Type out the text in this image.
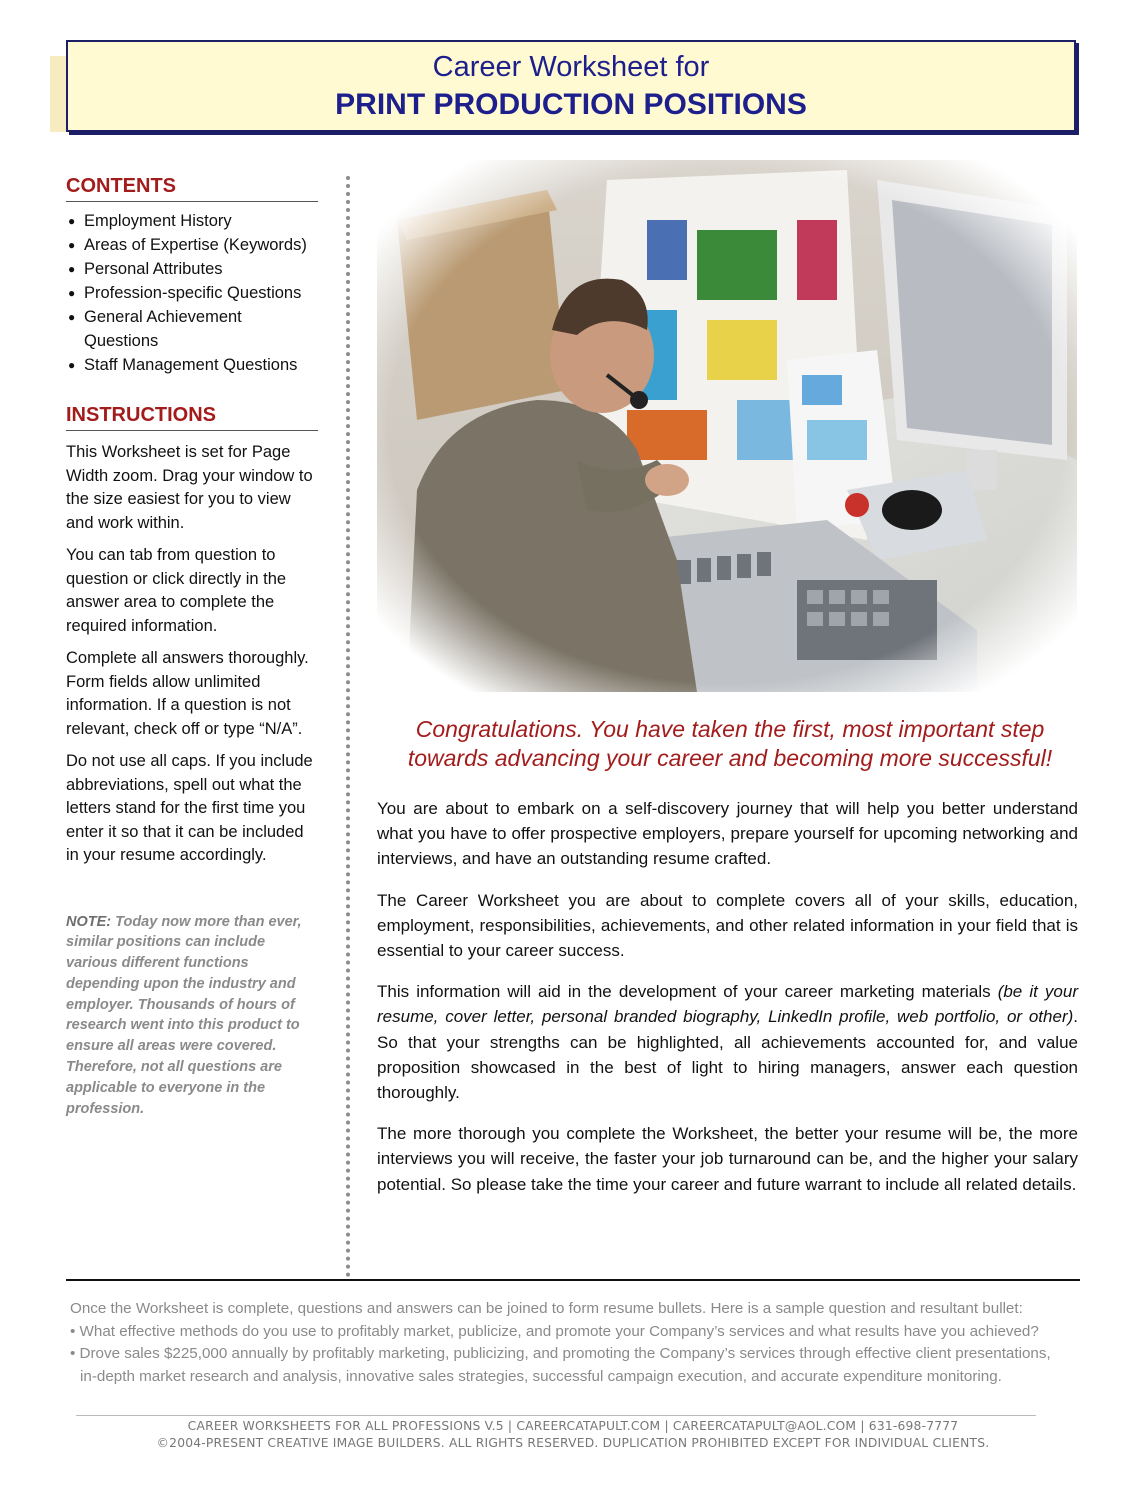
Career Worksheet for
PRINT PRODUCTION POSITIONS
CONTENTS
● Employment History
● Areas of Expertise (Keywords)
● Personal Attributes
● Profession-specific Questions
● General Achievement Questions
● Staff Management Questions
INSTRUCTIONS

This Worksheet is set for Page Width zoom. Drag your window to the size easiest for you to view and work within.

You can tab from question to question or click directly in the answer area to complete the required information.

Complete all answers thoroughly. Form fields allow unlimited information. If a question is not relevant, check off or type “N/A”.

Do not use all caps. If you include abbreviations, spell out what the letters stand for the first time you enter it so that it can be included in your resume accordingly.

NOTE: Today now more than ever, similar positions can include various different functions depending upon the industry and employer. Thousands of hours of research went into this product to ensure all areas were covered. Therefore, not all questions are applicable to everyone in the profession.
Congratulations. You have taken the first, most important step
towards advancing your career and becoming more successful!

You are about to embark on a self-discovery journey that will help you better understand what you have to offer prospective employers, prepare yourself for upcoming networking and interviews, and have an outstanding resume crafted.

The Career Worksheet you are about to complete covers all of your skills, education, employment, responsibilities, achievements, and other related information in your field that is essential to your career success.

This information will aid in the development of your career marketing materials (be it your resume, cover letter, personal branded biography, LinkedIn profile, web portfolio, or other). So that your strengths can be highlighted, all achievements accounted for, and value proposition showcased in the best of light to hiring managers, answer each question thoroughly.

The more thorough you complete the Worksheet, the better your resume will be, the more interviews you will receive, the faster your job turnaround can be, and the higher your salary potential. So please take the time your career and future warrant to include all related details.

Once the Worksheet is complete, questions and answers can be joined to form resume bullets. Here is a sample question and resultant bullet:

• What effective methods do you use to profitably market, publicize, and promote your Company’s services and what results have you achieved?

• Drove sales $225,000 annually by profitably marketing, publicizing, and promoting the Company’s services through effective client presentations,

in-depth market research and analysis, innovative sales strategies, successful campaign execution, and accurate expenditure monitoring.

CAREER WORKSHEETS FOR ALL PROFESSIONS V.5 | CAREERCATAPULT.COM | CAREERCATAPULT@AOL.COM | 631-698-7777

©2004-PRESENT CREATIVE IMAGE BUILDERS. ALL RIGHTS RESERVED. DUPLICATION PROHIBITED EXCEPT FOR INDIVIDUAL CLIENTS.
